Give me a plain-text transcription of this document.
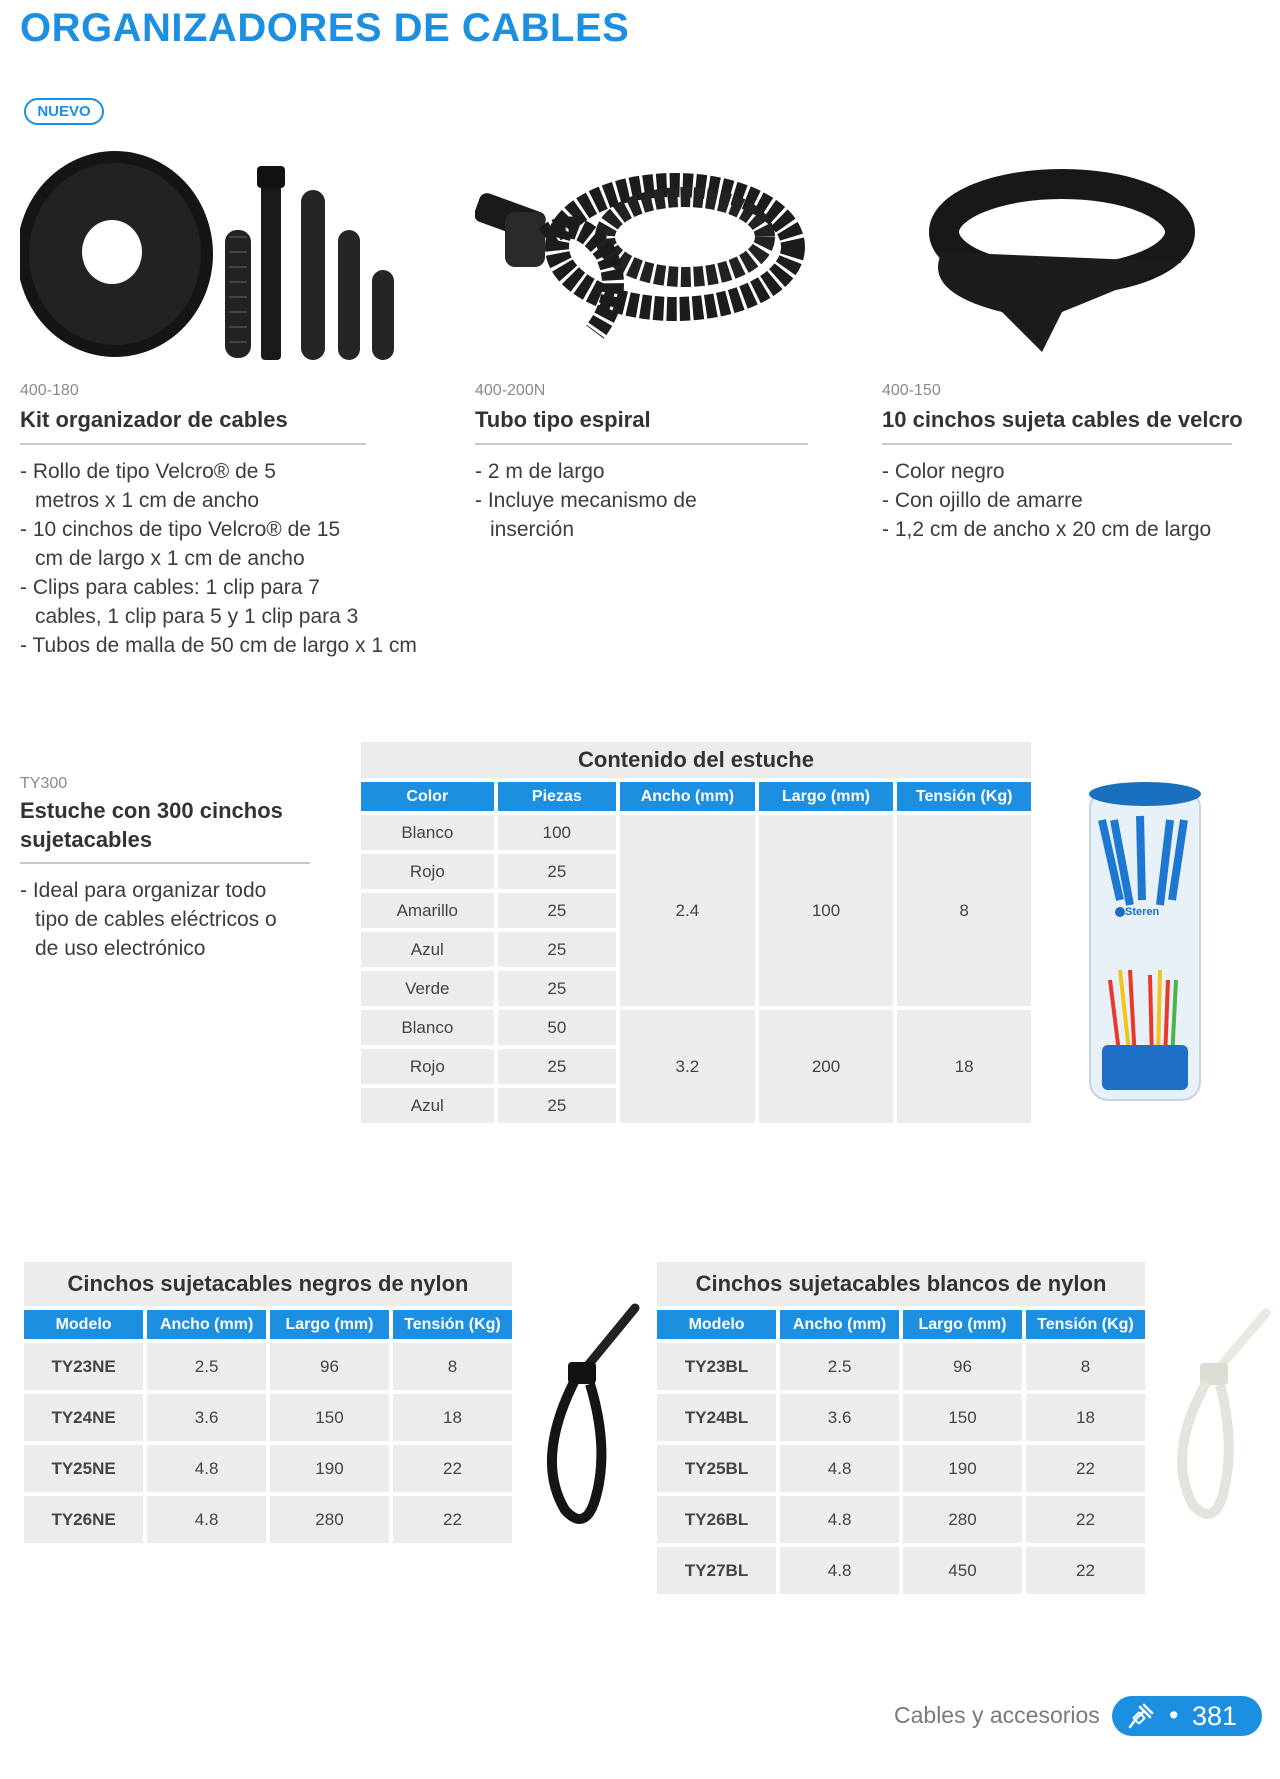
ORGANIZADORES DE CABLES
NUEVO
400-180
Kit organizador de cables
- Rollo de tipo Velcro® de 5 metros x 1 cm de ancho
- 10 cinchos de tipo Velcro® de 15 cm de largo x 1 cm de ancho
- Clips para cables: 1 clip para 7 cables, 1 clip para 5 y 1 clip para 3
- Tubos de malla de 50 cm de largo x 1 cm
400-200N
Tubo tipo espiral
- 2 m de largo
- Incluye mecanismo de inserción
400-150
10 cinchos sujeta cables de velcro
- Color negro
- Con ojillo de amarre
- 1,2 cm de ancho x 20 cm de largo
TY300
Estuche con 300 cinchos sujetacables
- Ideal para organizar todo tipo de cables eléctricos o de uso electrónico
Contenido del estuche
Color	Piezas	Ancho (mm)	Largo (mm)	Tensión (Kg)
Blanco	100	2.4	100	8
Rojo	25			
Amarillo	25			
Azul	25			
Verde	25			
Blanco	50	3.2	200	18
Rojo	25			
Azul	25			
Steren
Cinchos sujetacables negros de nylon
Modelo	Ancho (mm)	Largo (mm)	Tensión (Kg)
TY23NE	2.5	96	8
TY24NE	3.6	150	18
TY25NE	4.8	190	22
TY26NE	4.8	280	22
Cinchos sujetacables blancos de nylon
Modelo	Ancho (mm)	Largo (mm)	Tensión (Kg)
TY23BL	2.5	96	8
TY24BL	3.6	150	18
TY25BL	4.8	190	22
TY26BL	4.8	280	22
TY27BL	4.8	450	22
Cables y accesorios	• 381
